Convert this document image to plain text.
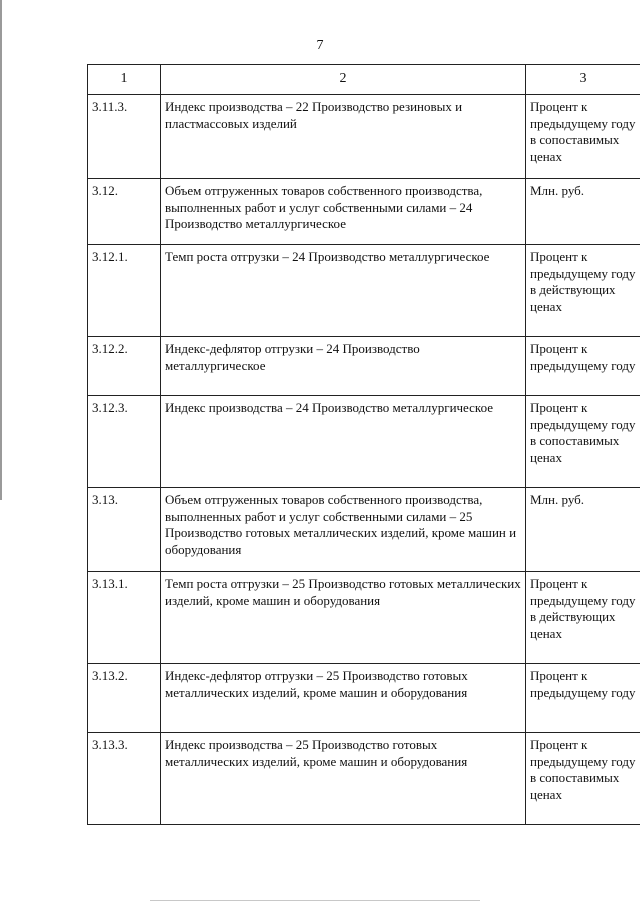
7
1	2	3
3.11.3.	Индекс производства – 22 Производство резиновых и пластмассовых изделий	Процент к предыдущему году в сопоставимых ценах
3.12.	Объем отгруженных товаров собственного производства, выполненных работ и услуг собственными силами – 24 Производство металлургическое	Млн. руб.
3.12.1.	Темп роста отгрузки – 24 Производство металлургическое	Процент к предыдущему году в действующих ценах
3.12.2.	Индекс-дефлятор отгрузки – 24 Производство металлургическое	Процент к предыдущему году
3.12.3.	Индекс производства – 24 Производство металлургическое	Процент к предыдущему году в сопоставимых ценах
3.13.	Объем отгруженных товаров собственного производства, выполненных работ и услуг собственными силами – 25 Производство готовых металлических изделий, кроме машин и оборудования	Млн. руб.
3.13.1.	Темп роста отгрузки – 25 Производство готовых металлических изделий, кроме машин и оборудования	Процент к предыдущему году в действующих ценах
3.13.2.	Индекс-дефлятор отгрузки – 25 Производство готовых металлических изделий, кроме машин и оборудования	Процент к предыдущему году
3.13.3.	Индекс производства – 25 Производство готовых металлических изделий, кроме машин и оборудования	Процент к предыдущему году в сопоставимых ценах
